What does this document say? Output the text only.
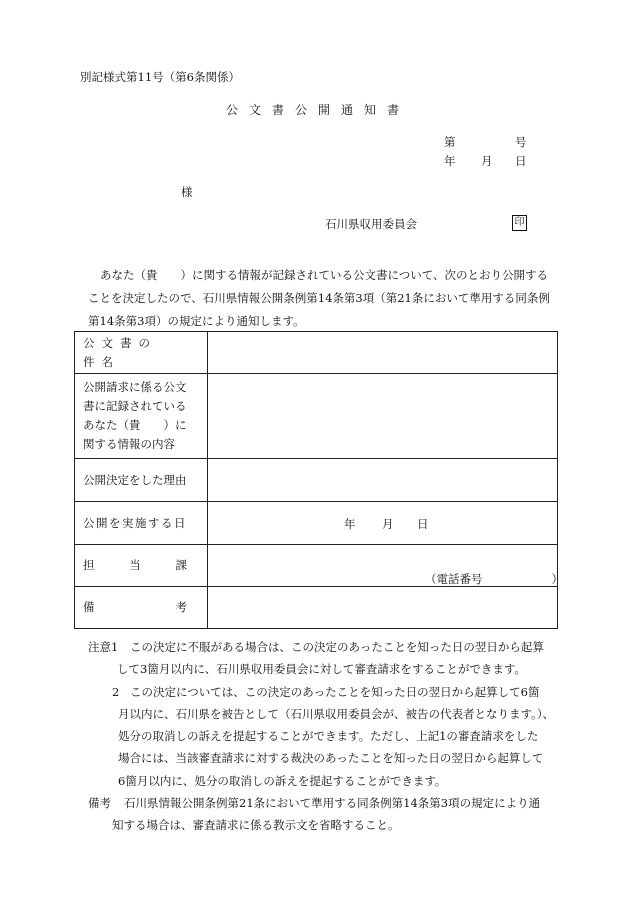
別記様式第11号（第6条関係）
公文書公開通知書
第	号
年 月 日
様
石川県収用委員会	印
あなた（貴　　）に関する情報が記録されている公文書について、次のとおり公開する
ことを決定したので、石川県情報公開条例第14条第3項（第21条において準用する同条例
第14条第3項）の規定により通知します。
公文書の件名	

公開請求に係る公文
書に記録されている
あなた（貴　　）に
関する情報の内容	

公開決定をした理由	
公開を実施する日	年 月 日

担 当 課	（電話番号　　　　　　）

備 考	

注意1 この決定に不服がある場合は、この決定のあったことを知った日の翌日から起算
して3箇月以内に、石川県収用委員会に対して審査請求をすることができます。
2 この決定については、この決定のあったことを知った日の翌日から起算して6箇
月以内に、石川県を被告として（石川県収用委員会が、被告の代表者となります。）、
処分の取消しの訴えを提起することができます。ただし、上記1の審査請求をした
場合には、当該審査請求に対する裁決のあったことを知った日の翌日から起算して
6箇月以内に、処分の取消しの訴えを提起することができます。
備考 石川県情報公開条例第21条において準用する同条例第14条第3項の規定により通
知する場合は、審査請求に係る教示文を省略すること。
